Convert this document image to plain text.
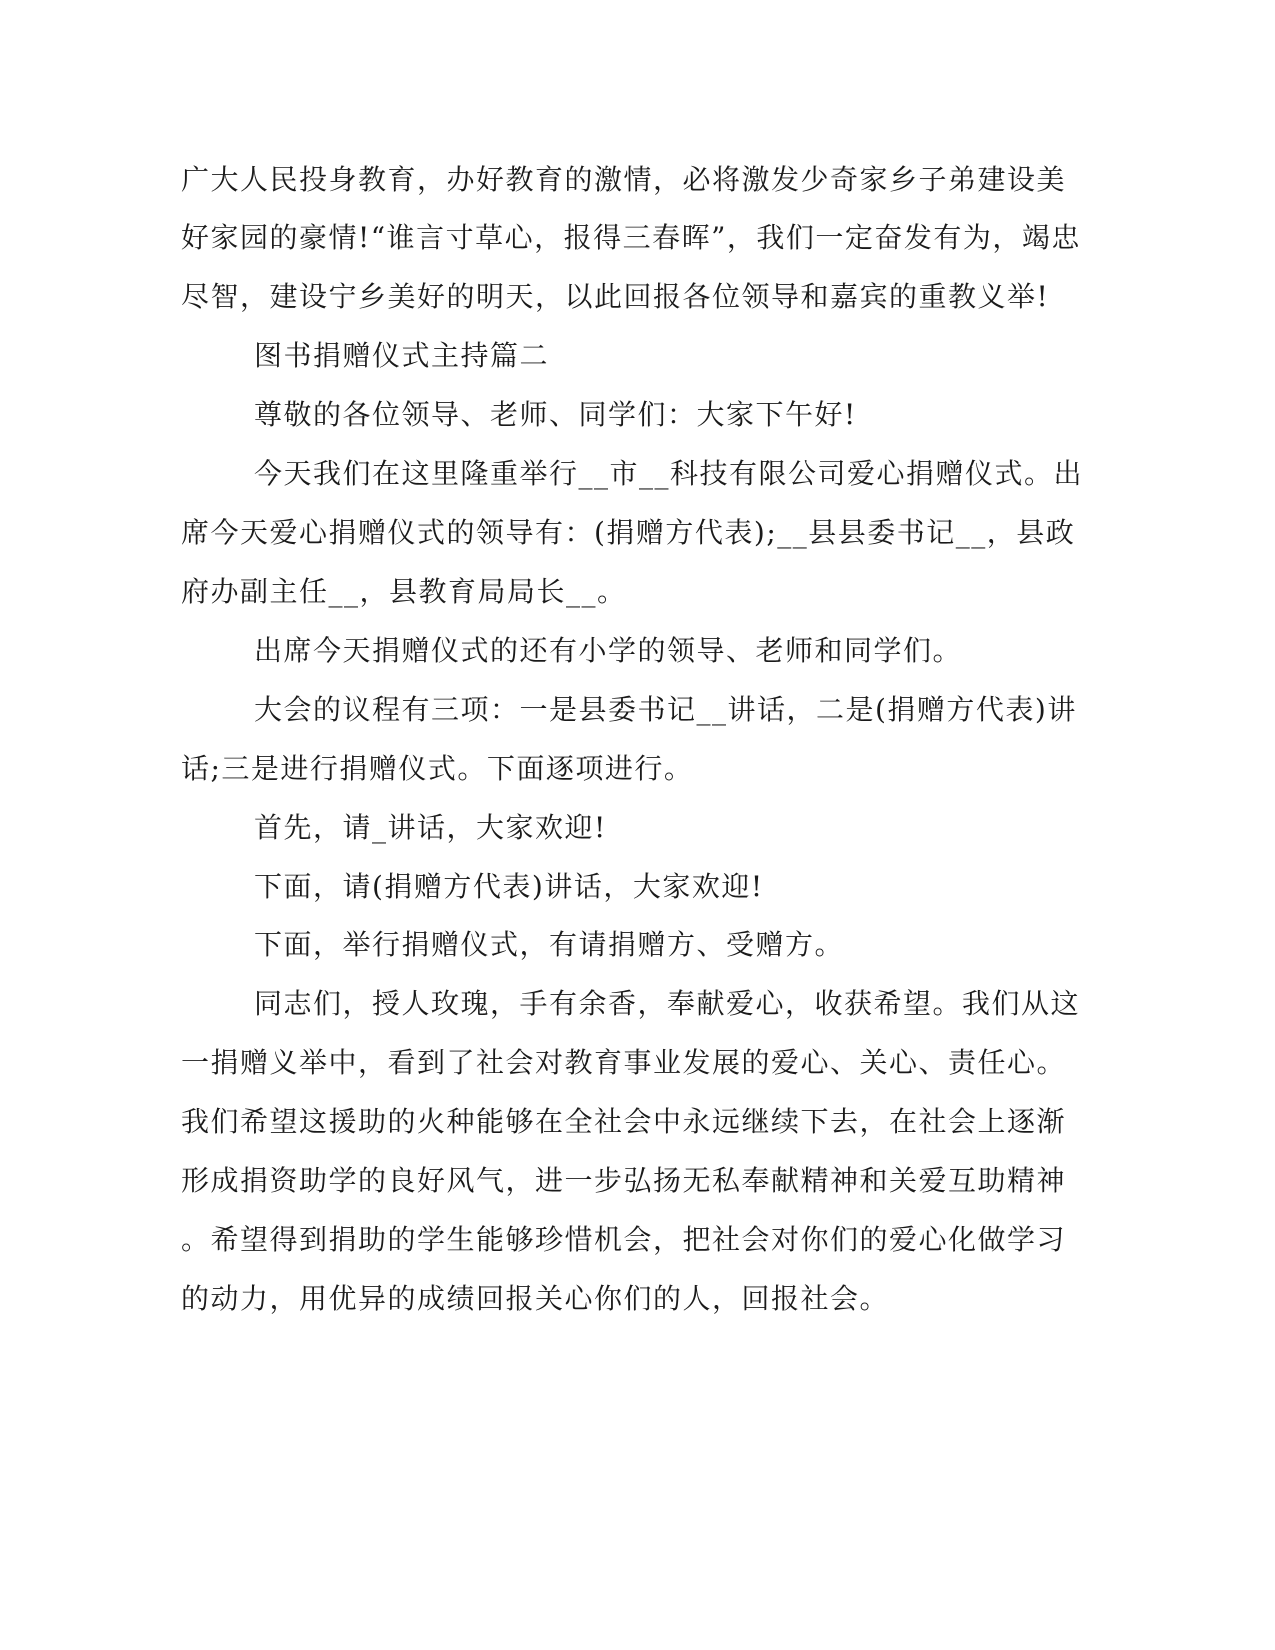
广大人民投身教育，办好教育的激情，必将激发少奇家乡子弟建设美
好家园的豪情!“谁言寸草心，报得三春晖”，我们一定奋发有为，竭忠
尽智，建设宁乡美好的明天，以此回报各位领导和嘉宾的重教义举!
图书捐赠仪式主持篇二
尊敬的各位领导、老师、同学们：大家下午好!
今天我们在这里隆重举行__市__科技有限公司爱心捐赠仪式。出
席今天爱心捐赠仪式的领导有：(捐赠方代表);__县县委书记__，县政
府办副主任__，县教育局局长__。
出席今天捐赠仪式的还有小学的领导、老师和同学们。
大会的议程有三项：一是县委书记__讲话，二是(捐赠方代表)讲
话;三是进行捐赠仪式。下面逐项进行。
首先，请_讲话，大家欢迎!
下面，请(捐赠方代表)讲话，大家欢迎!
下面，举行捐赠仪式，有请捐赠方、受赠方。
同志们，授人玫瑰，手有余香，奉献爱心，收获希望。我们从这
一捐赠义举中，看到了社会对教育事业发展的爱心、关心、责任心。
我们希望这援助的火种能够在全社会中永远继续下去，在社会上逐渐
形成捐资助学的良好风气，进一步弘扬无私奉献精神和关爱互助精神
。希望得到捐助的学生能够珍惜机会，把社会对你们的爱心化做学习
的动力，用优异的成绩回报关心你们的人，回报社会。
